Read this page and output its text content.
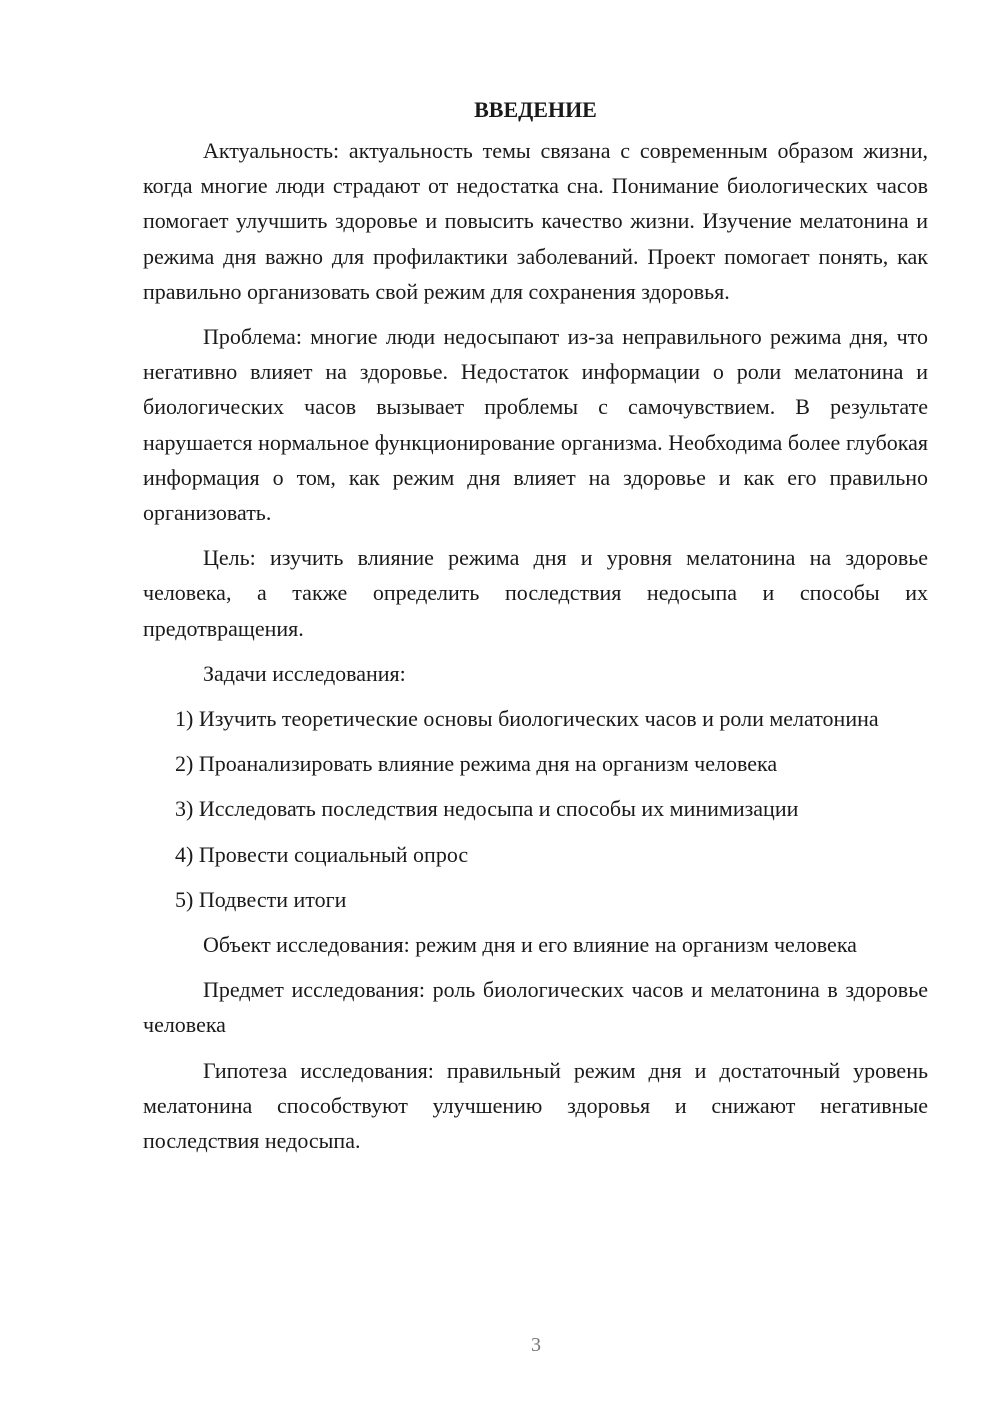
ВВЕДЕНИЕ

Актуальность: актуальность темы связана с современным образом жизни, когда многие люди страдают от недостатка сна. Понимание биологических часов помогает улучшить здоровье и повысить качество жизни. Изучение мелатонина и режима дня важно для профилактики заболеваний. Проект помогает понять, как правильно организовать свой режим для сохранения здоровья.

Проблема: многие люди недосыпают из-за неправильного режима дня, что негативно влияет на здоровье. Недостаток информации о роли мелатонина и биологических часов вызывает проблемы с самочувствием. В результате нарушается нормальное функционирование организма. Необходима более глубокая информация о том, как режим дня влияет на здоровье и как его правильно организовать.

Цель: изучить влияние режима дня и уровня мелатонина на здоровье человека, а также определить последствия недосыпа и способы их предотвращения.

Задачи исследования:

1) Изучить теоретические основы биологических часов и роли мелатонина

2) Проанализировать влияние режима дня на организм человека

3) Исследовать последствия недосыпа и способы их минимизации

4) Провести социальный опрос

5) Подвести итоги

Объект исследования: режим дня и его влияние на организм человека

Предмет исследования: роль биологических часов и мелатонина в здоровье человека

Гипотеза исследования: правильный режим дня и достаточный уровень мелатонина способствуют улучшению здоровья и снижают негативные последствия недосыпа.

3
